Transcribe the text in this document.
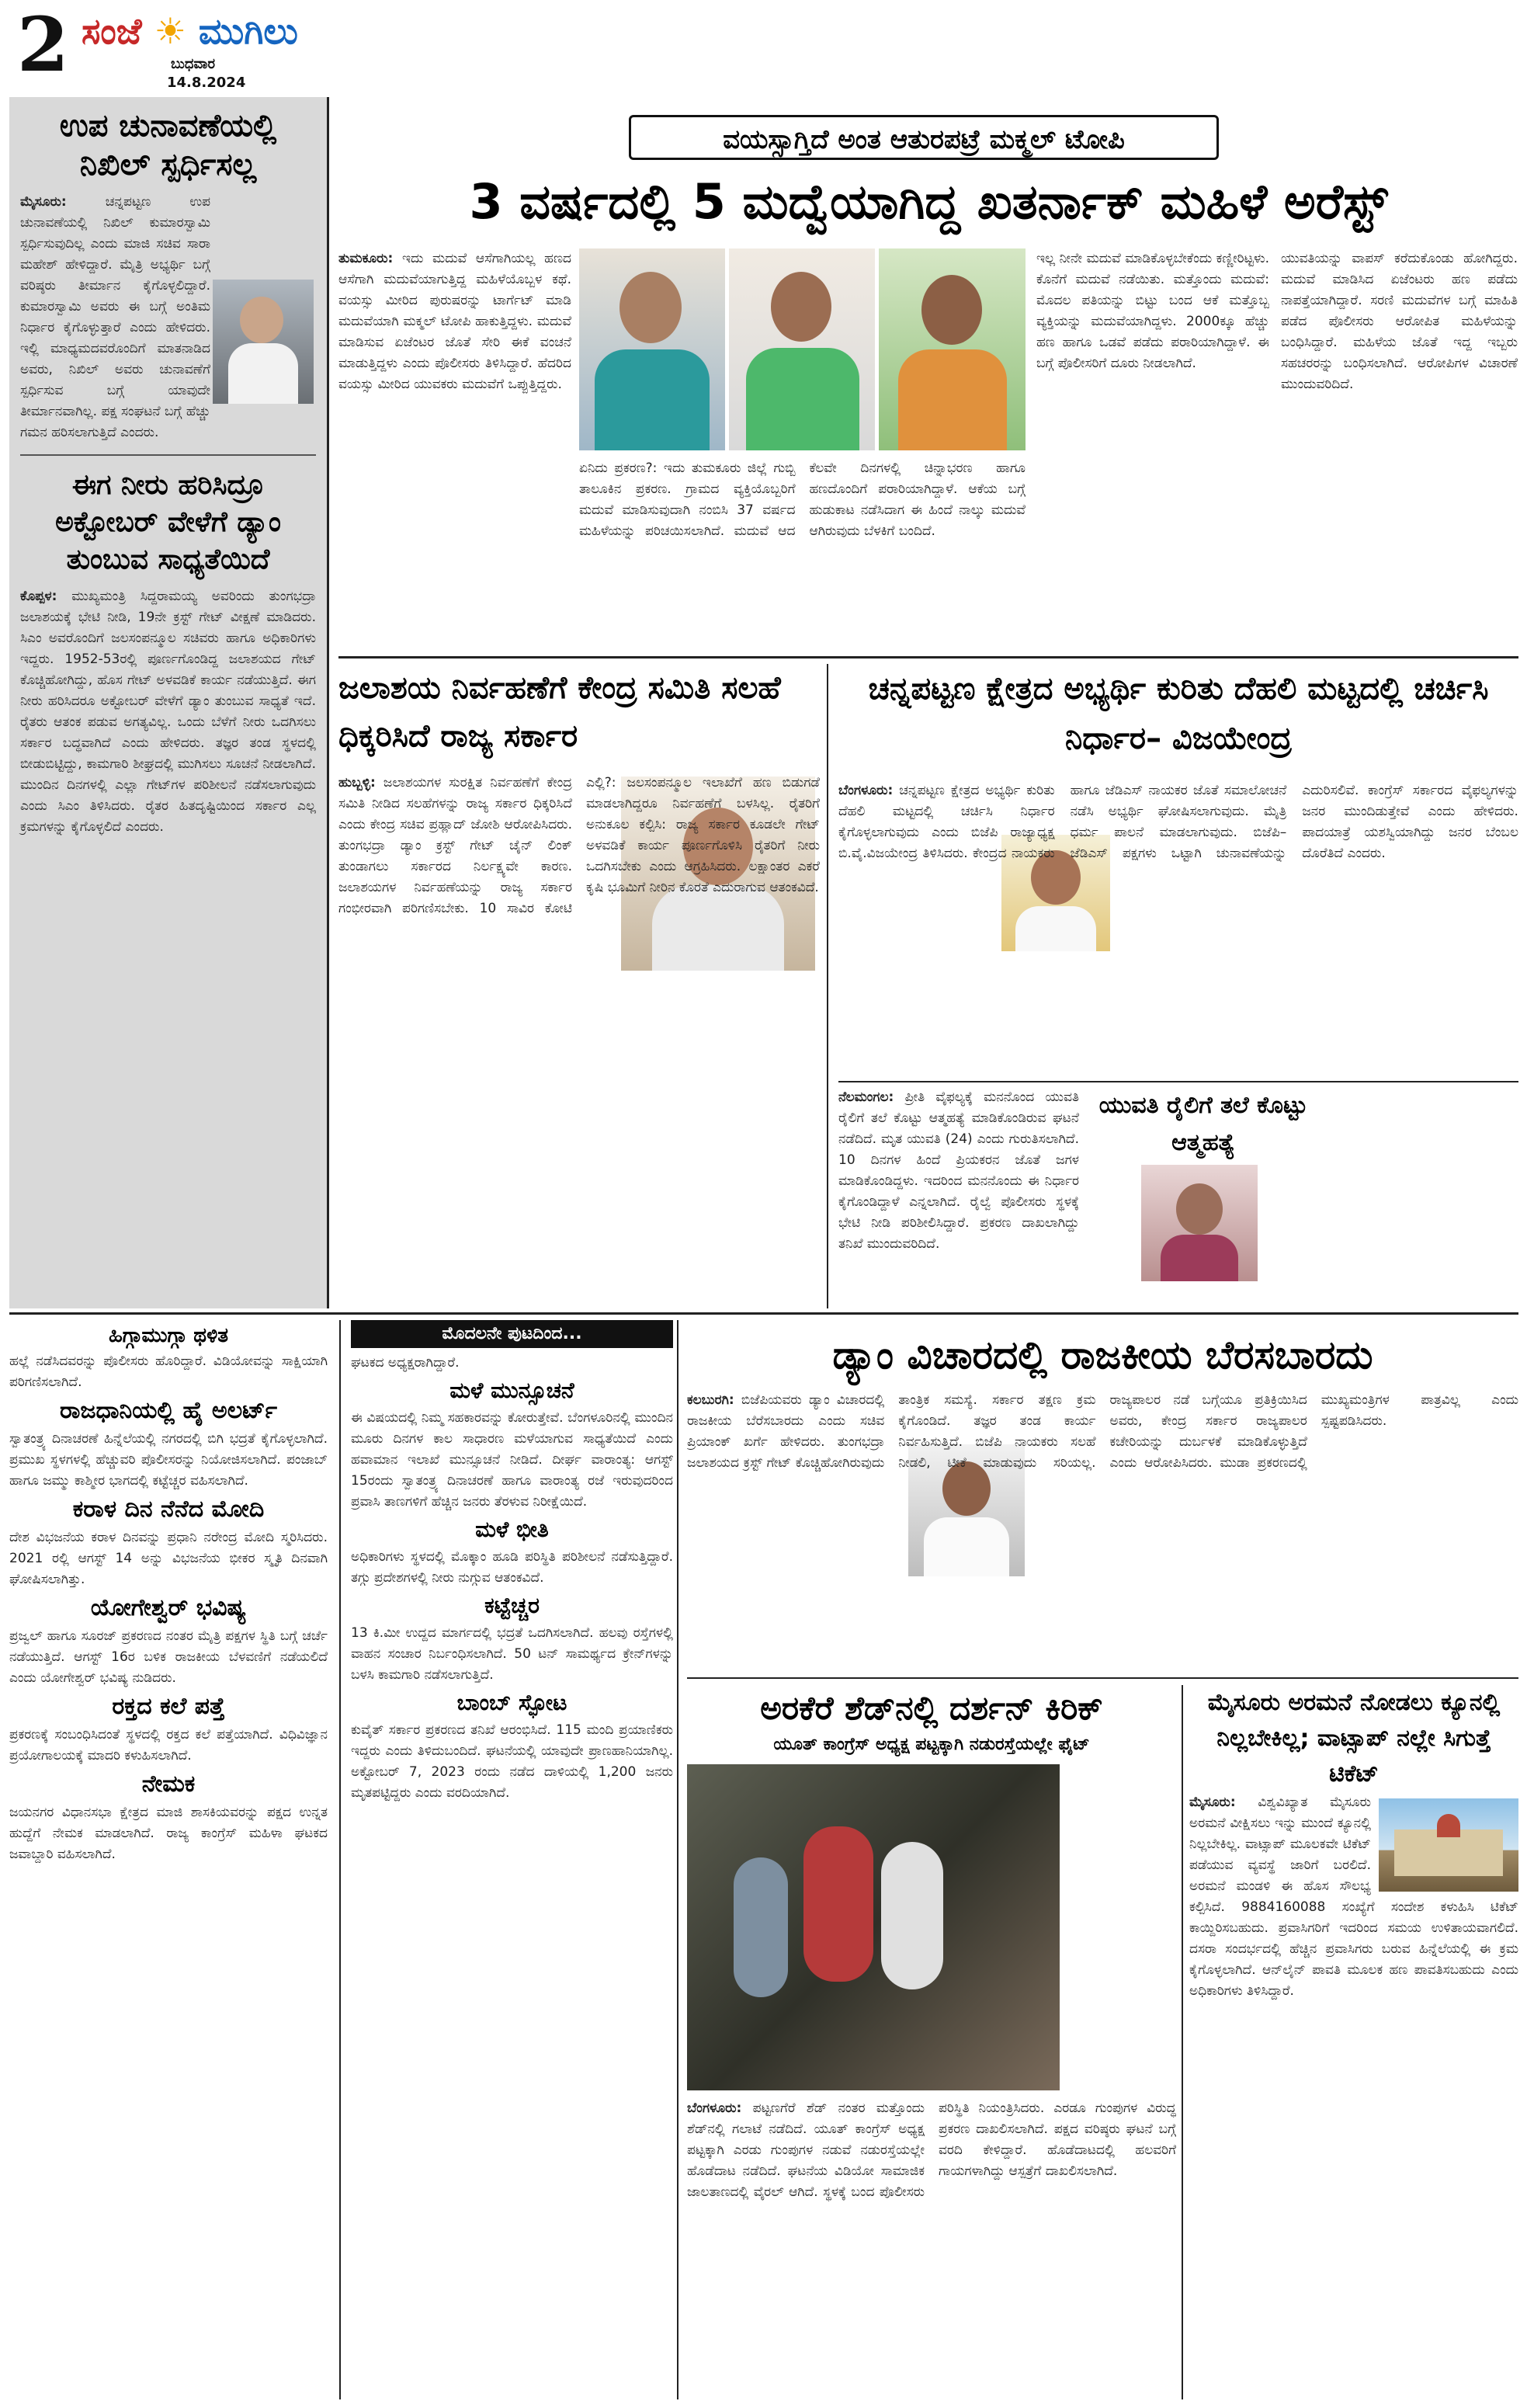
2 ಸಂಜೆ ☀ ಮುಗಿಲು
ಬುಧವಾರ
14.8.2024
ಉಪ ಚುನಾವಣೆಯಲ್ಲಿ ನಿಖಿಲ್ ಸ್ಪರ್ಧಿಸಲ್ಲ
ಮೈಸೂರು:	ಚನ್ನಪಟ್ಟಣ ಉಪ ಚುನಾವಣೆಯಲ್ಲಿ ನಿಖಿಲ್ ಕುಮಾರಸ್ವಾಮಿ ಸ್ಪರ್ಧಿಸುವುದಿಲ್ಲ ಎಂದು ಮಾಜಿ ಸಚಿವ ಸಾರಾ ಮಹೇಶ್ ಹೇಳಿದ್ದಾರೆ. ಮೈತ್ರಿ ಅಭ್ಯರ್ಥಿ ಬಗ್ಗೆ ವರಿಷ್ಠರು ತೀರ್ಮಾನ ಕೈಗೊಳ್ಳಲಿದ್ದಾರೆ. ಕುಮಾರಸ್ವಾಮಿ ಅವರು ಈ ಬಗ್ಗೆ ಅಂತಿಮ ನಿರ್ಧಾರ ಕೈಗೊಳ್ಳುತ್ತಾರೆ ಎಂದು ಹೇಳಿದರು. ಇಲ್ಲಿ ಮಾಧ್ಯಮದವರೊಂದಿಗೆ ಮಾತನಾಡಿದ ಅವರು, ನಿಖಿಲ್ ಅವರು ಚುನಾವಣೆಗೆ ಸ್ಪರ್ಧಿಸುವ ಬಗ್ಗೆ ಯಾವುದೇ ತೀರ್ಮಾನವಾಗಿಲ್ಲ. ಪಕ್ಷ ಸಂಘಟನೆ ಬಗ್ಗೆ ಹೆಚ್ಚು ಗಮನ ಹರಿಸಲಾಗುತ್ತಿದೆ ಎಂದರು.
ಈಗ ನೀರು ಹರಿಸಿದ್ರೂ ಅಕ್ಟೋಬರ್ ವೇಳೆಗೆ ಡ್ಯಾಂ ತುಂಬುವ ಸಾಧ್ಯತೆಯಿದೆ
ಕೊಪ್ಪಳ: ಮುಖ್ಯಮಂತ್ರಿ ಸಿದ್ದರಾಮಯ್ಯ ಅವರಿಂದು ತುಂಗಭದ್ರಾ ಜಲಾಶಯಕ್ಕೆ ಭೇಟಿ ನೀಡಿ, 19ನೇ ಕ್ರಸ್ಟ್ ಗೇಟ್ ವೀಕ್ಷಣೆ ಮಾಡಿದರು. ಸಿಎಂ ಅವರೊಂದಿಗೆ ಜಲಸಂಪನ್ಮೂಲ ಸಚಿವರು ಹಾಗೂ ಅಧಿಕಾರಿಗಳು ಇದ್ದರು. 1952-53ರಲ್ಲಿ ಪೂರ್ಣಗೊಂಡಿದ್ದ ಜಲಾಶಯದ ಗೇಟ್ ಕೊಚ್ಚಿಹೋಗಿದ್ದು, ಹೊಸ ಗೇಟ್ ಅಳವಡಿಕೆ ಕಾರ್ಯ ನಡೆಯುತ್ತಿದೆ. ಈಗ ನೀರು ಹರಿಸಿದರೂ ಅಕ್ಟೋಬರ್ ವೇಳೆಗೆ ಡ್ಯಾಂ ತುಂಬುವ ಸಾಧ್ಯತೆ ಇದೆ. ರೈತರು ಆತಂಕ ಪಡುವ ಅಗತ್ಯವಿಲ್ಲ. ಒಂದು ಬೆಳೆಗೆ ನೀರು ಒದಗಿಸಲು ಸರ್ಕಾರ ಬದ್ಧವಾಗಿದೆ ಎಂದು ಹೇಳಿದರು. ತಜ್ಞರ ತಂಡ ಸ್ಥಳದಲ್ಲಿ ಬೀಡುಬಿಟ್ಟಿದ್ದು, ಕಾಮಗಾರಿ ಶೀಘ್ರದಲ್ಲಿ ಮುಗಿಸಲು ಸೂಚನೆ ನೀಡಲಾಗಿದೆ. ಮುಂದಿನ ದಿನಗಳಲ್ಲಿ ಎಲ್ಲಾ ಗೇಟ್‌ಗಳ ಪರಿಶೀಲನೆ ನಡೆಸಲಾಗುವುದು ಎಂದು ಸಿಎಂ ತಿಳಿಸಿದರು. ರೈತರ ಹಿತದೃಷ್ಟಿಯಿಂದ ಸರ್ಕಾರ ಎಲ್ಲ ಕ್ರಮಗಳನ್ನು ಕೈಗೊಳ್ಳಲಿದೆ ಎಂದರು.
ವಯಸ್ಸಾಗ್ತಿದೆ ಅಂತ ಆತುರಪಟ್ರೆ ಮಕ್ಮಲ್ ಟೋಪಿ
3 ವರ್ಷದಲ್ಲಿ 5 ಮದ್ವೆಯಾಗಿದ್ದ ಖತರ್ನಾಕ್ ಮಹಿಳೆ ಅರೆಸ್ಟ್
ತುಮಕೂರು: ಇದು ಮದುವೆ ಆಸೆಗಾಗಿಯಲ್ಲ ಹಣದ ಆಸೆಗಾಗಿ ಮದುವೆಯಾಗುತ್ತಿದ್ದ ಮಹಿಳೆಯೊಬ್ಬಳ ಕಥೆ. ವಯಸ್ಸು ಮೀರಿದ ಪುರುಷರನ್ನು ಟಾರ್ಗೆಟ್ ಮಾಡಿ ಮದುವೆಯಾಗಿ ಮಕ್ಮಲ್ ಟೋಪಿ ಹಾಕುತ್ತಿದ್ದಳು. ಮದುವೆ ಮಾಡಿಸುವ ಏಜೆಂಟರ ಜೊತೆ ಸೇರಿ ಈಕೆ ವಂಚನೆ ಮಾಡುತ್ತಿದ್ದಳು ಎಂದು ಪೊಲೀಸರು ತಿಳಿಸಿದ್ದಾರೆ. ಹೆದರಿದ ವಯಸ್ಸು ಮೀರಿದ ಯುವಕರು ಮದುವೆಗೆ ಒಪ್ಪುತ್ತಿದ್ದರು.
ಏನಿದು ಪ್ರಕರಣ?: ಇದು ತುಮಕೂರು ಜಿಲ್ಲೆ ಗುಬ್ಬಿ ತಾಲೂಕಿನ ಪ್ರಕರಣ. ಗ್ರಾಮದ ವ್ಯಕ್ತಿಯೊಬ್ಬರಿಗೆ ಮದುವೆ ಮಾಡಿಸುವುದಾಗಿ ನಂಬಿಸಿ 37 ವರ್ಷದ ಮಹಿಳೆಯನ್ನು ಪರಿಚಯಿಸಲಾಗಿದೆ. ಮದುವೆ ಆದ ಕೆಲವೇ ದಿನಗಳಲ್ಲಿ ಚಿನ್ನಾಭರಣ ಹಾಗೂ ಹಣದೊಂದಿಗೆ ಪರಾರಿಯಾಗಿದ್ದಾಳೆ. ಆಕೆಯ ಬಗ್ಗೆ ಹುಡುಕಾಟ ನಡೆಸಿದಾಗ ಈ ಹಿಂದೆ ನಾಲ್ಕು ಮದುವೆ ಆಗಿರುವುದು ಬೆಳಕಿಗೆ ಬಂದಿದೆ.
ಇಲ್ಲ ನೀನೇ ಮದುವೆ ಮಾಡಿಕೊಳ್ಳಬೇಕೆಂದು ಕಣ್ಣೀರಿಟ್ಟಳು. ಕೊನೆಗೆ ಮದುವೆ ನಡೆಯಿತು. ಮತ್ತೊಂದು ಮದುವೆ: ಮೊದಲ ಪತಿಯನ್ನು ಬಿಟ್ಟು ಬಂದ ಆಕೆ ಮತ್ತೊಬ್ಬ ವ್ಯಕ್ತಿಯನ್ನು ಮದುವೆಯಾಗಿದ್ದಳು. 2000ಕ್ಕೂ ಹೆಚ್ಚು ಹಣ ಹಾಗೂ ಒಡವೆ ಪಡೆದು ಪರಾರಿಯಾಗಿದ್ದಾಳೆ. ಈ ಬಗ್ಗೆ ಪೊಲೀಸರಿಗೆ ದೂರು ನೀಡಲಾಗಿದೆ.
ಯುವತಿಯನ್ನು ವಾಪಸ್ ಕರೆದುಕೊಂಡು ಹೋಗಿದ್ದರು. ಮದುವೆ ಮಾಡಿಸಿದ ಏಜೆಂಟರು ಹಣ ಪಡೆದು ನಾಪತ್ತೆಯಾಗಿದ್ದಾರೆ. ಸರಣಿ ಮದುವೆಗಳ ಬಗ್ಗೆ ಮಾಹಿತಿ ಪಡೆದ ಪೊಲೀಸರು ಆರೋಪಿತ ಮಹಿಳೆಯನ್ನು ಬಂಧಿಸಿದ್ದಾರೆ. ಮಹಿಳೆಯ ಜೊತೆ ಇದ್ದ ಇಬ್ಬರು ಸಹಚರರನ್ನು ಬಂಧಿಸಲಾಗಿದೆ. ಆರೋಪಿಗಳ ವಿಚಾರಣೆ ಮುಂದುವರಿದಿದೆ.
ಜಲಾಶಯ ನಿರ್ವಹಣೆಗೆ ಕೇಂದ್ರ ಸಮಿತಿ ಸಲಹೆ ಧಿಕ್ಕರಿಸಿದೆ ರಾಜ್ಯ ಸರ್ಕಾರ
ಹುಬ್ಬಳ್ಳಿ: ಜಲಾಶಯಗಳ ಸುರಕ್ಷಿತ ನಿರ್ವಹಣೆಗೆ ಕೇಂದ್ರ ಸಮಿತಿ ನೀಡಿದ ಸಲಹೆಗಳನ್ನು ರಾಜ್ಯ ಸರ್ಕಾರ ಧಿಕ್ಕರಿಸಿದೆ ಎಂದು ಕೇಂದ್ರ ಸಚಿವ ಪ್ರಹ್ಲಾದ್ ಜೋಶಿ ಆರೋಪಿಸಿದರು. ತುಂಗಭದ್ರಾ ಡ್ಯಾಂ ಕ್ರಸ್ಟ್ ಗೇಟ್ ಚೈನ್ ಲಿಂಕ್ ತುಂಡಾಗಲು ಸರ್ಕಾರದ ನಿರ್ಲಕ್ಷ್ಯವೇ ಕಾರಣ. ಜಲಾಶಯಗಳ ನಿರ್ವಹಣೆಯನ್ನು ರಾಜ್ಯ ಸರ್ಕಾರ ಗಂಭೀರವಾಗಿ ಪರಿಗಣಿಸಬೇಕು. 10 ಸಾವಿರ ಕೋಟಿ ಎಲ್ಲಿ?: ಜಲಸಂಪನ್ಮೂಲ ಇಲಾಖೆಗೆ ಹಣ ಬಿಡುಗಡೆ ಮಾಡಲಾಗಿದ್ದರೂ ನಿರ್ವಹಣೆಗೆ ಬಳಸಿಲ್ಲ. ರೈತರಿಗೆ ಅನುಕೂಲ ಕಲ್ಪಿಸಿ: ರಾಜ್ಯ ಸರ್ಕಾರ ಕೂಡಲೇ ಗೇಟ್ ಅಳವಡಿಕೆ ಕಾರ್ಯ ಪೂರ್ಣಗೊಳಿಸಿ ರೈತರಿಗೆ ನೀರು ಒದಗಿಸಬೇಕು ಎಂದು ಆಗ್ರಹಿಸಿದರು. ಲಕ್ಷಾಂತರ ಎಕರೆ ಕೃಷಿ ಭೂಮಿಗೆ ನೀರಿನ ಕೊರತೆ ಎದುರಾಗುವ ಆತಂಕವಿದೆ.
ಚನ್ನಪಟ್ಟಣ ಕ್ಷೇತ್ರದ ಅಭ್ಯರ್ಥಿ ಕುರಿತು ದೆಹಲಿ ಮಟ್ಟದಲ್ಲಿ ಚರ್ಚಿಸಿ ನಿರ್ಧಾರ– ವಿಜಯೇಂದ್ರ
ಬೆಂಗಳೂರು: ಚನ್ನಪಟ್ಟಣ ಕ್ಷೇತ್ರದ ಅಭ್ಯರ್ಥಿ ಕುರಿತು ದೆಹಲಿ ಮಟ್ಟದಲ್ಲಿ ಚರ್ಚಿಸಿ ನಿರ್ಧಾರ ಕೈಗೊಳ್ಳಲಾಗುವುದು ಎಂದು ಬಿಜೆಪಿ ರಾಜ್ಯಾಧ್ಯಕ್ಷ ಬಿ.ವೈ.ವಿಜಯೇಂದ್ರ ತಿಳಿಸಿದರು. ಕೇಂದ್ರದ ನಾಯಕರು ಹಾಗೂ ಜೆಡಿಎಸ್ ನಾಯಕರ ಜೊತೆ ಸಮಾಲೋಚನೆ ನಡೆಸಿ ಅಭ್ಯರ್ಥಿ ಘೋಷಿಸಲಾಗುವುದು. ಮೈತ್ರಿ ಧರ್ಮ ಪಾಲನೆ ಮಾಡಲಾಗುವುದು. ಬಿಜೆಪಿ–ಜೆಡಿಎಸ್ ಪಕ್ಷಗಳು ಒಟ್ಟಾಗಿ ಚುನಾವಣೆಯನ್ನು ಎದುರಿಸಲಿವೆ. ಕಾಂಗ್ರೆಸ್ ಸರ್ಕಾರದ ವೈಫಲ್ಯಗಳನ್ನು ಜನರ ಮುಂದಿಡುತ್ತೇವೆ ಎಂದು ಹೇಳಿದರು. ಪಾದಯಾತ್ರೆ ಯಶಸ್ವಿಯಾಗಿದ್ದು ಜನರ ಬೆಂಬಲ ದೊರೆತಿದೆ ಎಂದರು.
ಯುವತಿ ರೈಲಿಗೆ ತಲೆ ಕೊಟ್ಟು ಆತ್ಮಹತ್ಯೆ
ನೆಲಮಂಗಲ: ಪ್ರೀತಿ ವೈಫಲ್ಯಕ್ಕೆ ಮನನೊಂದ ಯುವತಿ ರೈಲಿಗೆ ತಲೆ ಕೊಟ್ಟು ಆತ್ಮಹತ್ಯೆ ಮಾಡಿಕೊಂಡಿರುವ ಘಟನೆ ನಡೆದಿದೆ. ಮೃತ ಯುವತಿ (24) ಎಂದು ಗುರುತಿಸಲಾಗಿದೆ. 10 ದಿನಗಳ ಹಿಂದೆ ಪ್ರಿಯಕರನ ಜೊತೆ ಜಗಳ ಮಾಡಿಕೊಂಡಿದ್ದಳು. ಇದರಿಂದ ಮನನೊಂದು ಈ ನಿರ್ಧಾರ ಕೈಗೊಂಡಿದ್ದಾಳೆ ಎನ್ನಲಾಗಿದೆ. ರೈಲ್ವೆ ಪೊಲೀಸರು ಸ್ಥಳಕ್ಕೆ ಭೇಟಿ ನೀಡಿ ಪರಿಶೀಲಿಸಿದ್ದಾರೆ. ಪ್ರಕರಣ ದಾಖಲಾಗಿದ್ದು ತನಿಖೆ ಮುಂದುವರಿದಿದೆ.
ಹಿಗ್ಗಾಮುಗ್ಗಾ ಥಳಿತ
ಹಲ್ಲೆ ನಡೆಸಿದವರನ್ನು ಪೊಲೀಸರು ಹೊರಿದ್ದಾರೆ. ವಿಡಿಯೋವನ್ನು ಸಾಕ್ಷಿಯಾಗಿ ಪರಿಗಣಿಸಲಾಗಿದೆ.
ರಾಜಧಾನಿಯಲ್ಲಿ ಹೈ ಅಲರ್ಟ್
ಸ್ವಾತಂತ್ರ್ಯ ದಿನಾಚರಣೆ ಹಿನ್ನೆಲೆಯಲ್ಲಿ ನಗರದಲ್ಲಿ ಬಿಗಿ ಭದ್ರತೆ ಕೈಗೊಳ್ಳಲಾಗಿದೆ. ಪ್ರಮುಖ ಸ್ಥಳಗಳಲ್ಲಿ ಹೆಚ್ಚುವರಿ ಪೊಲೀಸರನ್ನು ನಿಯೋಜಿಸಲಾಗಿದೆ. ಪಂಜಾಬ್ ಹಾಗೂ ಜಮ್ಮು ಕಾಶ್ಮೀರ ಭಾಗದಲ್ಲಿ ಕಟ್ಟೆಚ್ಚರ ವಹಿಸಲಾಗಿದೆ.
ಕರಾಳ ದಿನ ನೆನೆದ ಮೋದಿ
ದೇಶ ವಿಭಜನೆಯ ಕರಾಳ ದಿನವನ್ನು ಪ್ರಧಾನಿ ನರೇಂದ್ರ ಮೋದಿ ಸ್ಮರಿಸಿದರು. 2021 ರಲ್ಲಿ ಆಗಸ್ಟ್ 14 ಅನ್ನು ವಿಭಜನೆಯ ಭೀಕರ ಸ್ಮೃತಿ ದಿನವಾಗಿ ಘೋಷಿಸಲಾಗಿತ್ತು.
ಯೋಗೇಶ್ವರ್ ಭವಿಷ್ಯ
ಪ್ರಜ್ವಲ್ ಹಾಗೂ ಸೂರಜ್ ಪ್ರಕರಣದ ನಂತರ ಮೈತ್ರಿ ಪಕ್ಷಗಳ ಸ್ಥಿತಿ ಬಗ್ಗೆ ಚರ್ಚೆ ನಡೆಯುತ್ತಿದೆ. ಆಗಸ್ಟ್ 16ರ ಬಳಿಕ ರಾಜಕೀಯ ಬೆಳವಣಿಗೆ ನಡೆಯಲಿದೆ ಎಂದು ಯೋಗೇಶ್ವರ್ ಭವಿಷ್ಯ ನುಡಿದರು.
ರಕ್ತದ ಕಲೆ ಪತ್ತೆ
ಪ್ರಕರಣಕ್ಕೆ ಸಂಬಂಧಿಸಿದಂತೆ ಸ್ಥಳದಲ್ಲಿ ರಕ್ತದ ಕಲೆ ಪತ್ತೆಯಾಗಿದೆ. ವಿಧಿವಿಜ್ಞಾನ ಪ್ರಯೋಗಾಲಯಕ್ಕೆ ಮಾದರಿ ಕಳುಹಿಸಲಾಗಿದೆ.
ನೇಮಕ
ಜಯನಗರ ವಿಧಾನಸಭಾ ಕ್ಷೇತ್ರದ ಮಾಜಿ ಶಾಸಕಿಯವರನ್ನು ಪಕ್ಷದ ಉನ್ನತ ಹುದ್ದೆಗೆ ನೇಮಕ ಮಾಡಲಾಗಿದೆ. ರಾಜ್ಯ ಕಾಂಗ್ರೆಸ್ ಮಹಿಳಾ ಘಟಕದ ಜವಾಬ್ದಾರಿ ವಹಿಸಲಾಗಿದೆ.
ಮೊದಲನೇ ಪುಟದಿಂದ...
ಘಟಕದ ಅಧ್ಯಕ್ಷರಾಗಿದ್ದಾರೆ.
ಮಳೆ ಮುನ್ಸೂಚನೆ
ಈ ವಿಷಯದಲ್ಲಿ ನಿಮ್ಮ ಸಹಕಾರವನ್ನು ಕೋರುತ್ತೇವೆ. ಬೆಂಗಳೂರಿನಲ್ಲಿ ಮುಂದಿನ ಮೂರು ದಿನಗಳ ಕಾಲ ಸಾಧಾರಣ ಮಳೆಯಾಗುವ ಸಾಧ್ಯತೆಯಿದೆ ಎಂದು ಹವಾಮಾನ ಇಲಾಖೆ ಮುನ್ಸೂಚನೆ ನೀಡಿದೆ. ದೀರ್ಘ ವಾರಾಂತ್ಯ: ಆಗಸ್ಟ್ 15ರಂದು ಸ್ವಾತಂತ್ರ್ಯ ದಿನಾಚರಣೆ ಹಾಗೂ ವಾರಾಂತ್ಯ ರಜೆ ಇರುವುದರಿಂದ ಪ್ರವಾಸಿ ತಾಣಗಳಿಗೆ ಹೆಚ್ಚಿನ ಜನರು ತೆರಳುವ ನಿರೀಕ್ಷೆಯಿದೆ.
ಮಳೆ ಭೀತಿ
ಅಧಿಕಾರಿಗಳು ಸ್ಥಳದಲ್ಲಿ ಮೊಕ್ಕಾಂ ಹೂಡಿ ಪರಿಸ್ಥಿತಿ ಪರಿಶೀಲನೆ ನಡೆಸುತ್ತಿದ್ದಾರೆ. ತಗ್ಗು ಪ್ರದೇಶಗಳಲ್ಲಿ ನೀರು ನುಗ್ಗುವ ಆತಂಕವಿದೆ.
ಕಟ್ಟೆಚ್ಚರ
13 ಕಿ.ಮೀ ಉದ್ದದ ಮಾರ್ಗದಲ್ಲಿ ಭದ್ರತೆ ಒದಗಿಸಲಾಗಿದೆ. ಹಲವು ರಸ್ತೆಗಳಲ್ಲಿ ವಾಹನ ಸಂಚಾರ ನಿರ್ಬಂಧಿಸಲಾಗಿದೆ. 50 ಟನ್ ಸಾಮರ್ಥ್ಯದ ಕ್ರೇನ್‌ಗಳನ್ನು ಬಳಸಿ ಕಾಮಗಾರಿ ನಡೆಸಲಾಗುತ್ತಿದೆ.
ಬಾಂಬ್ ಸ್ಫೋಟ
ಕುವೈತ್ ಸರ್ಕಾರ ಪ್ರಕರಣದ ತನಿಖೆ ಆರಂಭಿಸಿದೆ. 115 ಮಂದಿ ಪ್ರಯಾಣಿಕರು ಇದ್ದರು ಎಂದು ತಿಳಿದುಬಂದಿದೆ. ಘಟನೆಯಲ್ಲಿ ಯಾವುದೇ ಪ್ರಾಣಹಾನಿಯಾಗಿಲ್ಲ. ಅಕ್ಟೋಬರ್ 7, 2023 ರಂದು ನಡೆದ ದಾಳಿಯಲ್ಲಿ 1,200 ಜನರು ಮೃತಪಟ್ಟಿದ್ದರು ಎಂದು ವರದಿಯಾಗಿದೆ.
ಡ್ಯಾಂ ವಿಚಾರದಲ್ಲಿ ರಾಜಕೀಯ ಬೆರಸಬಾರದು
ಕಲಬುರಗಿ: ಬಿಜೆಪಿಯವರು ಡ್ಯಾಂ ವಿಚಾರದಲ್ಲಿ ರಾಜಕೀಯ ಬೆರೆಸಬಾರದು ಎಂದು ಸಚಿವ ಪ್ರಿಯಾಂಕ್ ಖರ್ಗೆ ಹೇಳಿದರು. ತುಂಗಭದ್ರಾ ಜಲಾಶಯದ ಕ್ರಸ್ಟ್ ಗೇಟ್ ಕೊಚ್ಚಿಹೋಗಿರುವುದು ತಾಂತ್ರಿಕ ಸಮಸ್ಯೆ. ಸರ್ಕಾರ ತಕ್ಷಣ ಕ್ರಮ ಕೈಗೊಂಡಿದೆ. ತಜ್ಞರ ತಂಡ ಕಾರ್ಯ ನಿರ್ವಹಿಸುತ್ತಿದೆ. ಬಿಜೆಪಿ ನಾಯಕರು ಸಲಹೆ ನೀಡಲಿ, ಟೀಕೆ ಮಾಡುವುದು ಸರಿಯಲ್ಲ. ರಾಜ್ಯಪಾಲರ ನಡೆ ಬಗ್ಗೆಯೂ ಪ್ರತಿಕ್ರಿಯಿಸಿದ ಅವರು, ಕೇಂದ್ರ ಸರ್ಕಾರ ರಾಜ್ಯಪಾಲರ ಕಚೇರಿಯನ್ನು ದುರ್ಬಳಕೆ ಮಾಡಿಕೊಳ್ಳುತ್ತಿದೆ ಎಂದು ಆರೋಪಿಸಿದರು. ಮುಡಾ ಪ್ರಕರಣದಲ್ಲಿ ಮುಖ್ಯಮಂತ್ರಿಗಳ ಪಾತ್ರವಿಲ್ಲ ಎಂದು ಸ್ಪಷ್ಟಪಡಿಸಿದರು.
ಅರಕೆರೆ ಶೆಡ್‌ನಲ್ಲಿ ದರ್ಶನ್ ಕಿರಿಕ್
ಯೂತ್ ಕಾಂಗ್ರೆಸ್ ಅಧ್ಯಕ್ಷ ಪಟ್ಟಕ್ಕಾಗಿ ನಡುರಸ್ತೆಯಲ್ಲೇ ಫೈಟ್
ಬೆಂಗಳೂರು: ಪಟ್ಟಣಗೆರೆ ಶೆಡ್ ನಂತರ ಮತ್ತೊಂದು ಶೆಡ್‌ನಲ್ಲಿ ಗಲಾಟೆ ನಡೆದಿದೆ. ಯೂತ್ ಕಾಂಗ್ರೆಸ್ ಅಧ್ಯಕ್ಷ ಪಟ್ಟಕ್ಕಾಗಿ ಎರಡು ಗುಂಪುಗಳ ನಡುವೆ ನಡುರಸ್ತೆಯಲ್ಲೇ ಹೊಡೆದಾಟ ನಡೆದಿದೆ. ಘಟನೆಯ ವಿಡಿಯೋ ಸಾಮಾಜಿಕ ಜಾಲತಾಣದಲ್ಲಿ ವೈರಲ್ ಆಗಿದೆ. ಸ್ಥಳಕ್ಕೆ ಬಂದ ಪೊಲೀಸರು ಪರಿಸ್ಥಿತಿ ನಿಯಂತ್ರಿಸಿದರು. ಎರಡೂ ಗುಂಪುಗಳ ವಿರುದ್ಧ ಪ್ರಕರಣ ದಾಖಲಿಸಲಾಗಿದೆ. ಪಕ್ಷದ ವರಿಷ್ಠರು ಘಟನೆ ಬಗ್ಗೆ ವರದಿ ಕೇಳಿದ್ದಾರೆ. ಹೊಡೆದಾಟದಲ್ಲಿ ಹಲವರಿಗೆ ಗಾಯಗಳಾಗಿದ್ದು ಆಸ್ಪತ್ರೆಗೆ ದಾಖಲಿಸಲಾಗಿದೆ.
ಮೈಸೂರು ಅರಮನೆ ನೋಡಲು ಕ್ಯೂನಲ್ಲಿ ನಿಲ್ಲಬೇಕಿಲ್ಲ; ವಾಟ್ಸಾಪ್ ನಲ್ಲೇ ಸಿಗುತ್ತೆ ಟಿಕೆಟ್
ಮೈಸೂರು: ವಿಶ್ವವಿಖ್ಯಾತ ಮೈಸೂರು ಅರಮನೆ ವೀಕ್ಷಿಸಲು ಇನ್ನು ಮುಂದೆ ಕ್ಯೂನಲ್ಲಿ ನಿಲ್ಲಬೇಕಿಲ್ಲ. ವಾಟ್ಸಾಪ್ ಮೂಲಕವೇ ಟಿಕೆಟ್ ಪಡೆಯುವ ವ್ಯವಸ್ಥೆ ಜಾರಿಗೆ ಬರಲಿದೆ. ಅರಮನೆ ಮಂಡಳಿ ಈ ಹೊಸ ಸೌಲಭ್ಯ ಕಲ್ಪಿಸಿದೆ. 9884160088 ಸಂಖ್ಯೆಗೆ ಸಂದೇಶ ಕಳುಹಿಸಿ ಟಿಕೆಟ್ ಕಾಯ್ದಿರಿಸಬಹುದು. ಪ್ರವಾಸಿಗರಿಗೆ ಇದರಿಂದ ಸಮಯ ಉಳಿತಾಯವಾಗಲಿದೆ. ದಸರಾ ಸಂದರ್ಭದಲ್ಲಿ ಹೆಚ್ಚಿನ ಪ್ರವಾಸಿಗರು ಬರುವ ಹಿನ್ನೆಲೆಯಲ್ಲಿ ಈ ಕ್ರಮ ಕೈಗೊಳ್ಳಲಾಗಿದೆ. ಆನ್‌ಲೈನ್ ಪಾವತಿ ಮೂಲಕ ಹಣ ಪಾವತಿಸಬಹುದು ಎಂದು ಅಧಿಕಾರಿಗಳು ತಿಳಿಸಿದ್ದಾರೆ.
